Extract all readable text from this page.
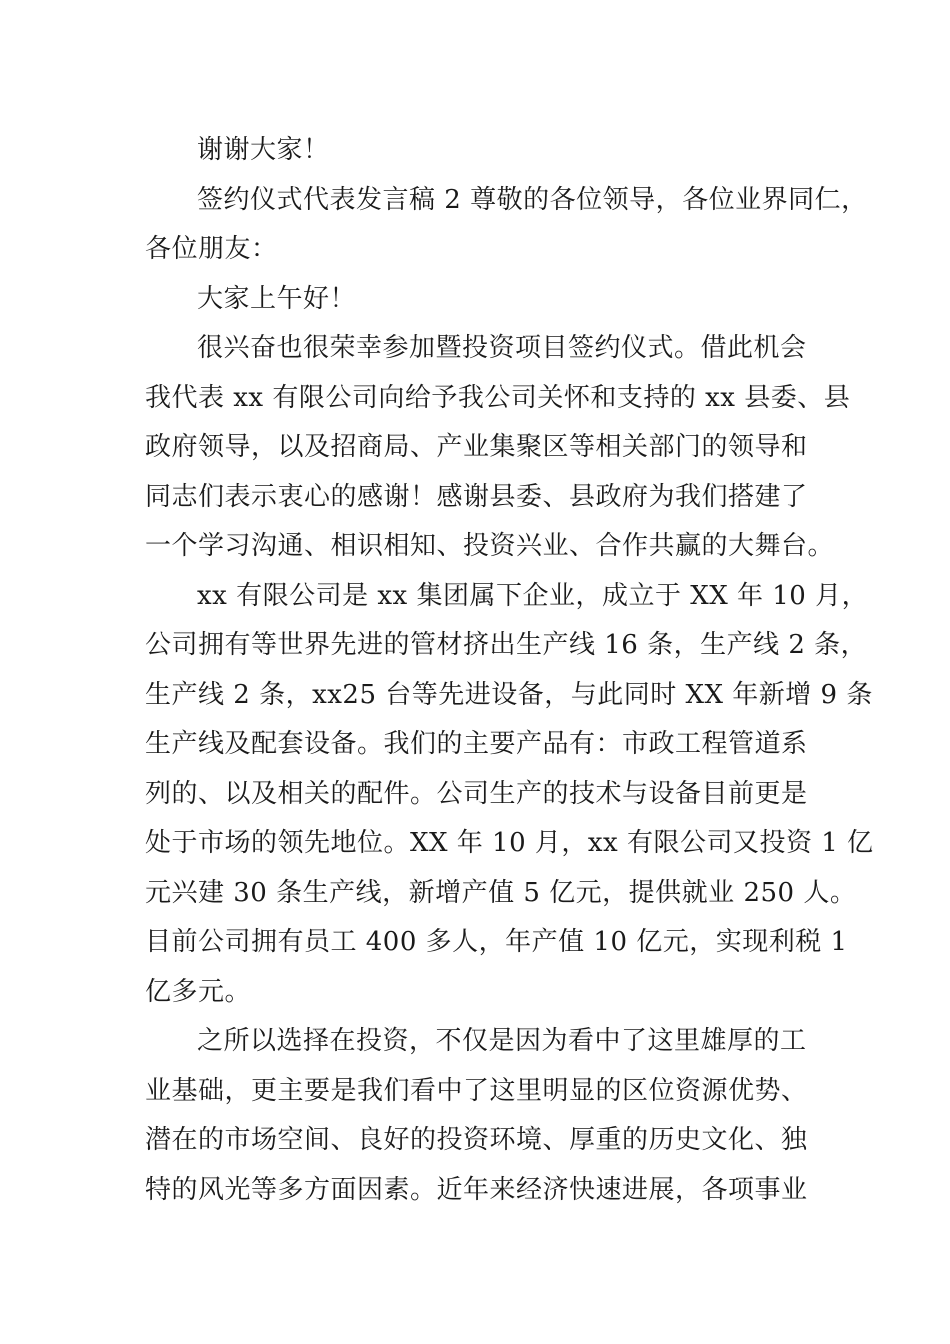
谢谢大家！
签约仪式代表发言稿 2 尊敬的各位领导，各位业界同仁，
各位朋友：
大家上午好！
很兴奋也很荣幸参加暨投资项目签约仪式。借此机会
我代表 xx 有限公司向给予我公司关怀和支持的 xx 县委、县
政府领导，以及招商局、产业集聚区等相关部门的领导和
同志们表示衷心的感谢！感谢县委、县政府为我们搭建了
一个学习沟通、相识相知、投资兴业、合作共赢的大舞台。
xx 有限公司是 xx 集团属下企业，成立于 XX 年 10 月，
公司拥有等世界先进的管材挤出生产线 16 条，生产线 2 条，
生产线 2 条，xx25 台等先进设备，与此同时 XX 年新增 9 条
生产线及配套设备。我们的主要产品有：市政工程管道系
列的、以及相关的配件。公司生产的技术与设备目前更是
处于市场的领先地位。XX 年 10 月，xx 有限公司又投资 1 亿
元兴建 30 条生产线，新增产值 5 亿元，提供就业 250 人。
目前公司拥有员工 400 多人，年产值 10 亿元，实现利税 1
亿多元。
之所以选择在投资，不仅是因为看中了这里雄厚的工
业基础，更主要是我们看中了这里明显的区位资源优势、
潜在的市场空间、良好的投资环境、厚重的历史文化、独
特的风光等多方面因素。近年来经济快速进展，各项事业
